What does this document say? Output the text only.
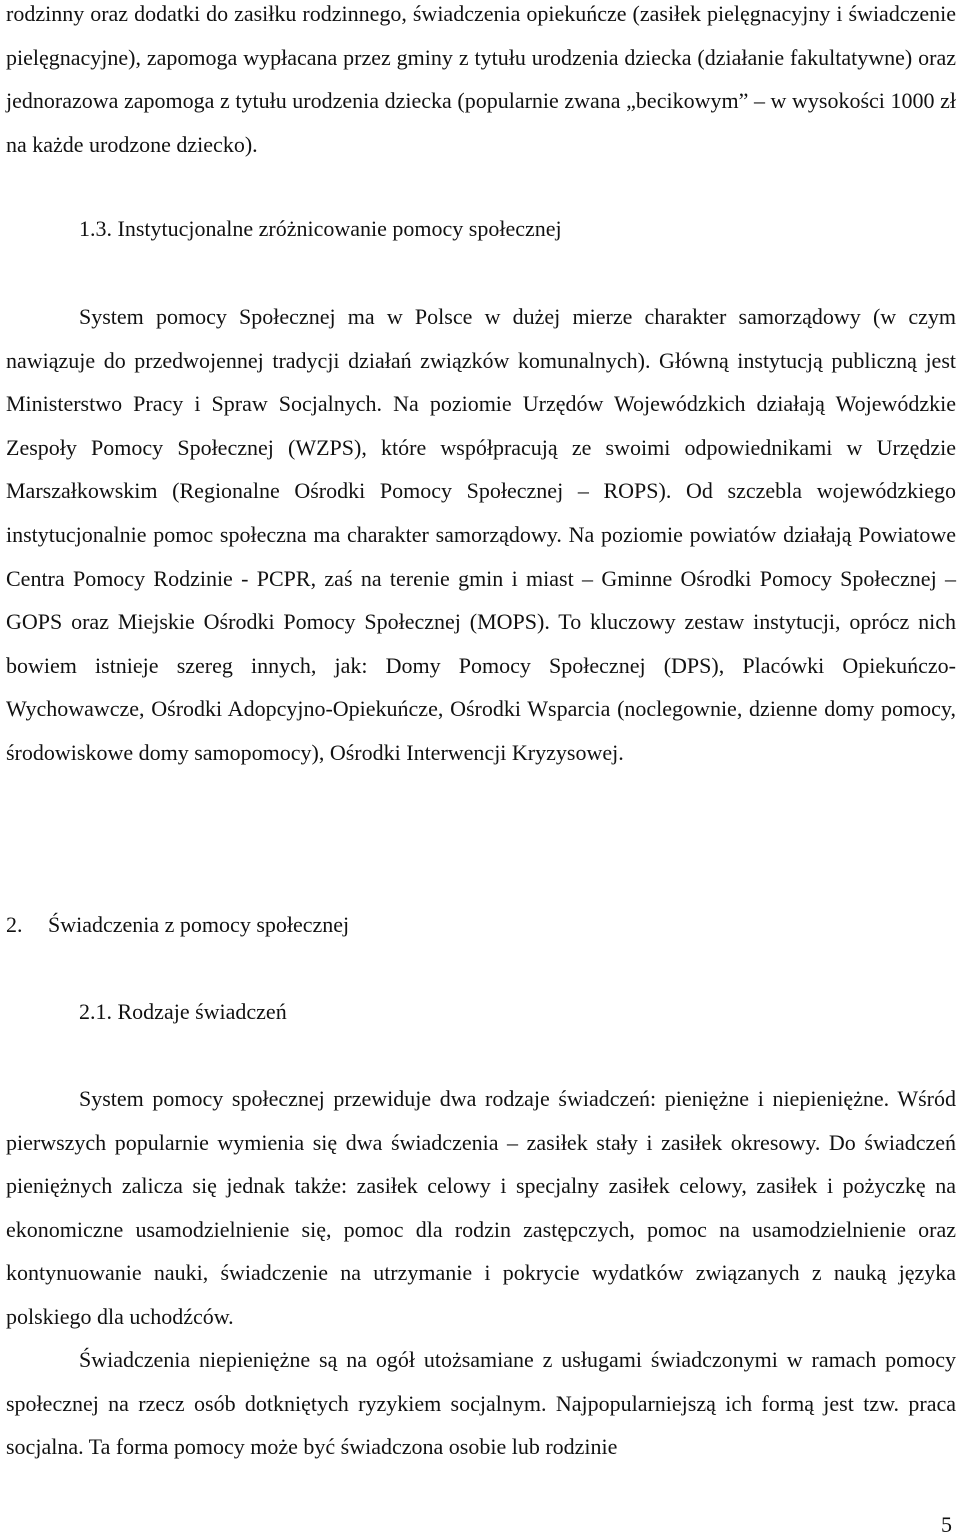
rodzinny oraz dodatki do zasiłku rodzinnego, świadczenia opiekuńcze (zasiłek pielęgnacyjny i świadczenie pielęgnacyjne), zapomoga wypłacana przez gminy z tytułu urodzenia dziecka (działanie fakultatywne) oraz jednorazowa zapomoga z tytułu urodzenia dziecka (popularnie zwana „becikowym” – w wysokości 1000 zł na każde urodzone dziecko).

1.3. Instytucjonalne zróżnicowanie pomocy społecznej

System pomocy Społecznej ma w Polsce w dużej mierze charakter samorządowy (w czym nawiązuje do przedwojennej tradycji działań związków komunalnych). Główną instytucją publiczną jest Ministerstwo Pracy i Spraw Socjalnych. Na poziomie Urzędów Wojewódzkich działają Wojewódzkie Zespoły Pomocy Społecznej (WZPS), które współpracują ze swoimi odpowiednikami w Urzędzie Marszałkowskim (Regionalne Ośrodki Pomocy Społecznej – ROPS). Od szczebla wojewódzkiego instytucjonalnie pomoc społeczna ma charakter samorządowy. Na poziomie powiatów działają Powiatowe Centra Pomocy Rodzinie - PCPR, zaś na terenie gmin i miast – Gminne Ośrodki Pomocy Społecznej – GOPS oraz Miejskie Ośrodki Pomocy Społecznej (MOPS). To kluczowy zestaw instytucji, oprócz nich bowiem istnieje szereg innych, jak: Domy Pomocy Społecznej (DPS), Placówki Opiekuńczo-Wychowawcze, Ośrodki Adopcyjno-Opiekuńcze, Ośrodki Wsparcia (noclegownie, dzienne domy pomocy, środowiskowe domy samopomocy), Ośrodki Interwencji Kryzysowej.

2. Świadczenia z pomocy społecznej
2.1. Rodzaje świadczeń

System pomocy społecznej przewiduje dwa rodzaje świadczeń: pieniężne i niepieniężne. Wśród pierwszych popularnie wymienia się dwa świadczenia – zasiłek stały i zasiłek okresowy. Do świadczeń pieniężnych zalicza się jednak także: zasiłek celowy i specjalny zasiłek celowy, zasiłek i pożyczkę na ekonomiczne usamodzielnienie się, pomoc dla rodzin zastępczych, pomoc na usamodzielnienie oraz kontynuowanie nauki, świadczenie na utrzymanie i pokrycie wydatków związanych z nauką języka polskiego dla uchodźców.

Świadczenia niepieniężne są na ogół utożsamiane z usługami świadczonymi w ramach pomocy społecznej na rzecz osób dotkniętych ryzykiem socjalnym. Najpopularniejszą ich formą jest tzw. praca socjalna. Ta forma pomocy może być świadczona osobie lub rodzinie

5
